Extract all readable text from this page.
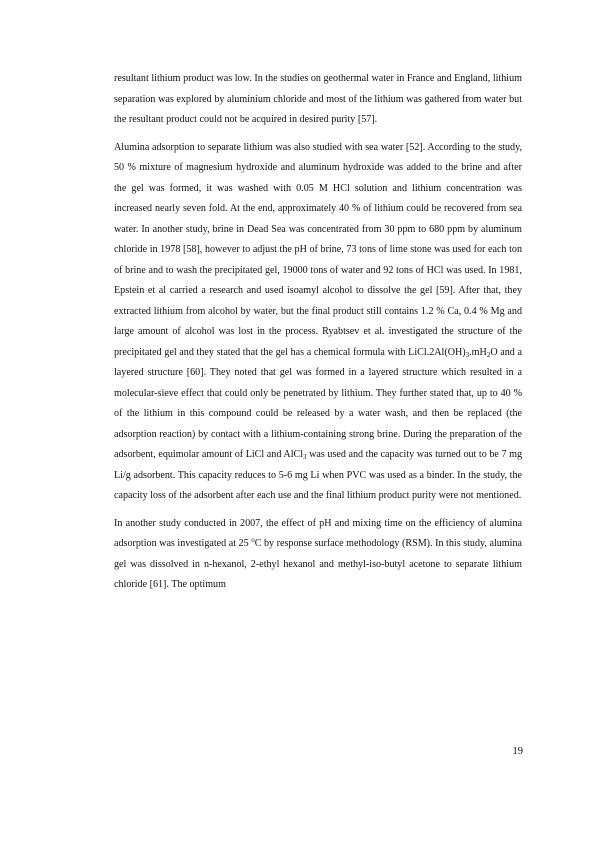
resultant lithium product was low. In the studies on geothermal water in France and England, lithium separation was explored by aluminium chloride and most of the lithium was gathered from water but the resultant product could not be acquired in desired purity [57].

Alumina adsorption to separate lithium was also studied with sea water [52]. According to the study, 50 % mixture of magnesium hydroxide and aluminum hydroxide was added to the brine and after the gel was formed, it was washed with 0.05 M HCl solution and lithium concentration was increased nearly seven fold. At the end, approximately 40 % of lithium could be recovered from sea water. In another study, brine in Dead Sea was concentrated from 30 ppm to 680 ppm by aluminum chloride in 1978 [58], however to adjust the pH of brine, 73 tons of lime stone was used for each ton of brine and to wash the precipitated gel, 19000 tons of water and 92 tons of HCl was used. In 1981, Epstein et al carried a research and used isoamyl alcohol to dissolve the gel [59]. After that, they extracted lithium from alcohol by water, but the final product still contains 1.2 % Ca, 0.4 % Mg and large amount of alcohol was lost in the process. Ryabtsev et al. investigated the structure of the precipitated gel and they stated that the gel has a chemical formula with $LiCl.2Al(OH)_3.mH_2O$ and a layered structure [60]. They noted that gel was formed in a layered structure which resulted in a molecular-sieve effect that could only be penetrated by lithium. They further stated that, up to 40 % of the lithium in this compound could be released by a water wash, and then be replaced (the adsorption reaction) by contact with a lithium-containing strong brine. During the preparation of the adsorbent, equimolar amount of LiCl and AlCl$_3$ was used and the capacity was turned out to be 7 mg Li/g adsorbent. This capacity reduces to 5-6 mg Li when PVC was used as a binder. In the study, the capacity loss of the adsorbent after each use and the final lithium product purity were not mentioned.

In another study conducted in 2007, the effect of pH and mixing time on the efficiency of alumina adsorption was investigated at 25 $^o$C by response surface methodology (RSM). In this study, alumina gel was dissolved in n-hexanol, 2-ethyl hexanol and methyl-iso-butyl acetone to separate lithium chloride [61]. The optimum

19
